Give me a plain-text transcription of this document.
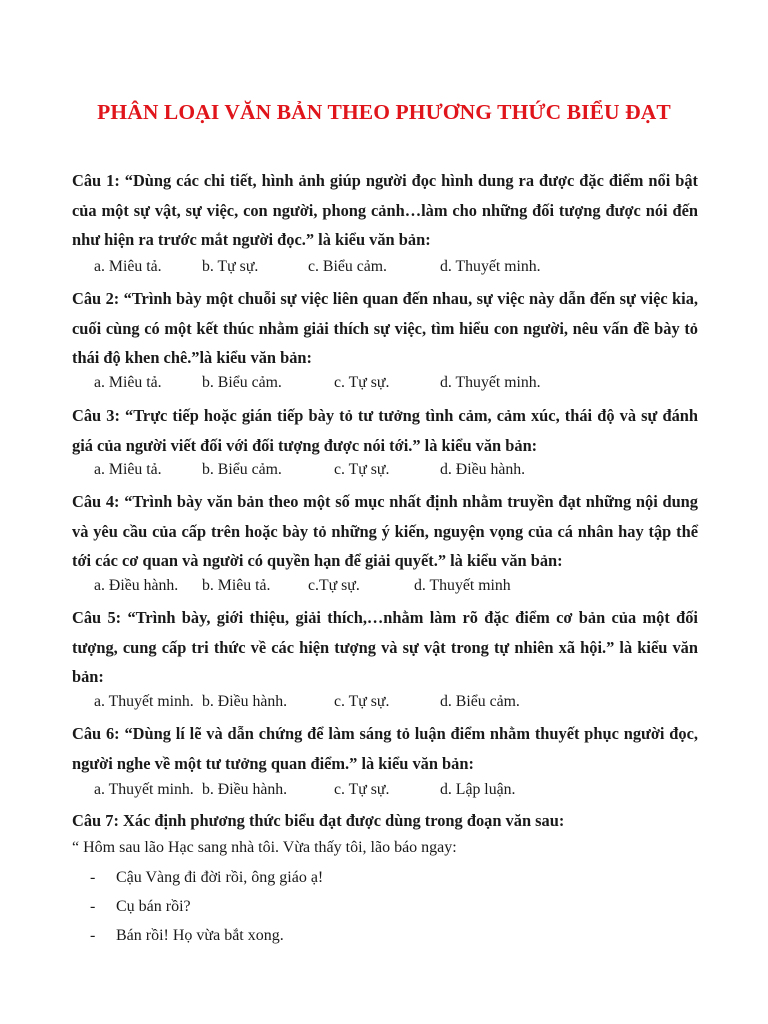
PHÂN LOẠI VĂN BẢN THEO PHƯƠNG THỨC BIỂU ĐẠT
Câu 1: “Dùng các chi tiết, hình ảnh giúp người đọc hình dung ra được đặc điểm nổi bật của một sự vật, sự việc, con người, phong cảnh…làm cho những đối tượng được nói đến như hiện ra trước mắt người đọc.” là kiểu văn bản:
a. Miêu tả.	b. Tự sự.	c. Biểu cảm.	d. Thuyết minh.
Câu 2: “Trình bày một chuỗi sự việc liên quan đến nhau, sự việc này dẫn đến sự việc kia, cuối cùng có một kết thúc nhằm giải thích sự việc, tìm hiểu con người, nêu vấn đề bày tỏ thái độ khen chê.”là kiểu văn bản:
a. Miêu tả.	b. Biểu cảm.	c. Tự sự.	d. Thuyết minh.
Câu 3: “Trực tiếp hoặc gián tiếp bày tỏ tư tưởng tình cảm, cảm xúc, thái độ và sự đánh giá của người viết đối với đối tượng được nói tới.” là kiểu văn bản:
a. Miêu tả.	b. Biểu cảm.	c. Tự sự.	d. Điều hành.
Câu 4: “Trình bày văn bản theo một số mục nhất định nhằm truyền đạt những nội dung và yêu cầu của cấp trên hoặc bày tỏ những ý kiến, nguyện vọng của cá nhân hay tập thể tới các cơ quan và người có quyền hạn để giải quyết.” là kiểu văn bản:
a. Điều hành. b. Miêu tả. c.Tự sự.	d. Thuyết minh
Câu 5: “Trình bày, giới thiệu, giải thích,…nhằm làm rõ đặc điểm cơ bản của một đối tượng, cung cấp tri thức về các hiện tượng và sự vật trong tự nhiên xã hội.” là kiểu văn bản:
a. Thuyết minh. b. Điều hành.	c. Tự sự.	d. Biểu cảm.
Câu 6: “Dùng lí lẽ và dẫn chứng để làm sáng tỏ luận điểm nhằm thuyết phục người đọc, người nghe về một tư tưởng quan điểm.” là kiểu văn bản:
a. Thuyết minh. b. Điều hành.	c. Tự sự.	d. Lập luận.
Câu 7: Xác định phương thức biểu đạt được dùng trong đoạn văn sau:
“ Hôm sau lão Hạc sang nhà tôi. Vừa thấy tôi, lão báo ngay:
- Cậu Vàng đi đời rồi, ông giáo ạ!
- Cụ bán rồi?
- Bán rồi! Họ vừa bắt xong.
